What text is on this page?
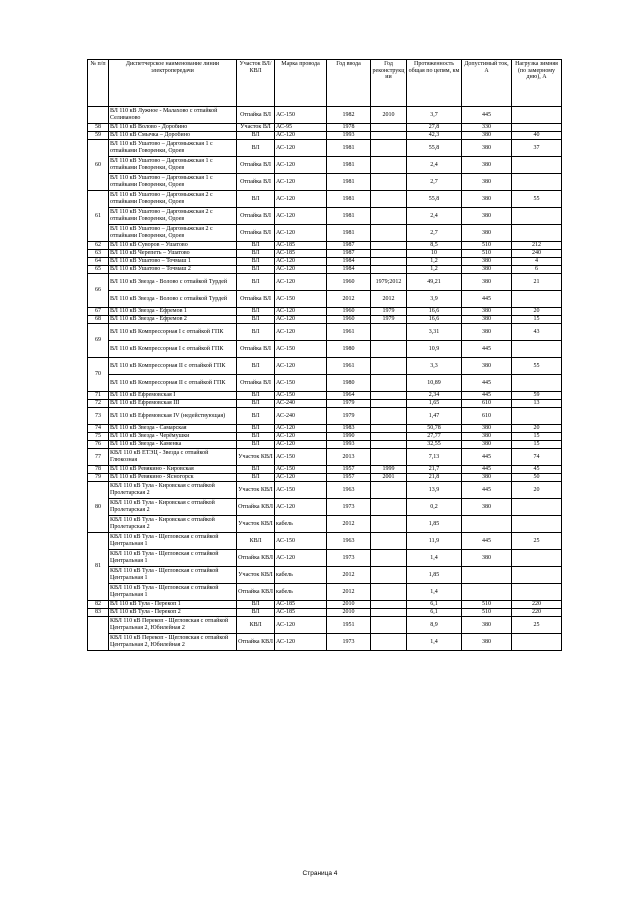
№ п/п	Диспетчерское наименование линии электропередачи	Участок ВЛ/КВЛ	Марка провода	Год ввода	Год реконструкции	Протяженность общая по цепям, км	Допустимый ток, А	Нагрузка зимняя (по замерному дню), А
	ВЛ 110 кВ Лужное - Малахово с отпайкой Селиваново	Отпайка ВЛ	АС-150	1982	2010	3,7	445	
58	ВЛ 110 кВ Волово - Доробино	Участок ВЛ	АС-95	1978		27,8	330	
59	ВЛ 110 кВ Смычка – Доробино	ВЛ	АС-120	1993		42,3	380	40
60	ВЛ 110 кВ Ушатово – Даргомыжская 1 с отпайками Говоренки, Одоев	ВЛ	АС-120	1981		55,8	380	37
	ВЛ 110 кВ Ушатово – Даргомыжская 1 с отпайками Говоренки, Одоев	Отпайка ВЛ	АС-120	1981		2,4	380	
	ВЛ 110 кВ Ушатово – Даргомыжская 1 с отпайками Говоренки, Одоев	Отпайка ВЛ	АС-120	1981		2,7	380	
61	ВЛ 110 кВ Ушатово – Даргомыжская 2 с отпайками Говоренки, Одоев	ВЛ	АС-120	1981		55,8	380	55
	ВЛ 110 кВ Ушатово – Даргомыжская 2 с отпайками Говоренки, Одоев	Отпайка ВЛ	АС-120	1981		2,4	380	
	ВЛ 110 кВ Ушатово – Даргомыжская 2 с отпайками Говоренки, Одоев	Отпайка ВЛ	АС-120	1981		2,7	380	
62	ВЛ 110 кВ Суворов – Ушатово	ВЛ	АС-185	1987		8,5	510	212
63	ВЛ 110 кВ Черепеть – Ушатово	ВЛ	АС-185	1987		10	510	240
64	ВЛ 110 кВ Ушатово – Точмаш 1	ВЛ	АС-120	1984		1,2	380	4
65	ВЛ 110 кВ Ушатово – Точмаш 2	ВЛ	АС-120	1984		1,2	380	6
66	ВЛ 110 кВ Звезда - Волово с отпайкой Турдей	ВЛ	АС-120	1960	1979;2012	49,21	380	21
	ВЛ 110 кВ Звезда - Волово с отпайкой Турдей	Отпайка ВЛ	АС-150	2012	2012	3,9	445	
67	ВЛ 110 кВ Звезда - Ефремов 1	ВЛ	АС-120	1960	1979	16,6	380	20
68	ВЛ 110 кВ Звезда - Ефремов 2	ВЛ	АС-120	1960	1979	16,6	380	15
69	ВЛ 110 кВ Компрессорная I с отпайкой ГПК	ВЛ	АС-120	1961		3,31	380	43
	ВЛ 110 кВ Компрессорная I с отпайкой ГПК	Отпайка ВЛ	АС-150	1980		10,9	445	
70	ВЛ 110 кВ Компрессорная II с отпайкой ГПК	ВЛ	АС-120	1961		3,3	380	55
	ВЛ 110 кВ Компрессорная II с отпайкой ГПК	Отпайка ВЛ	АС-150	1980		10,89	445	
71	ВЛ 110 кВ Ефремовская I	ВЛ	АС-150	1964		2,34	445	59
72	ВЛ 110 кВ Ефремовская III	ВЛ	АС-240	1979		1,65	610	13
73	ВЛ 110 кВ Ефремовская IV (недействующая)	ВЛ	АС-240	1979		1,47	610	
74	ВЛ 110 кВ Звезда - Самарская	ВЛ	АС-120	1983		50,78	380	20
75	ВЛ 110 кВ Звезда - Черёмушки	ВЛ	АС-120	1990		27,77	380	15
76	ВЛ 110 кВ Звезда - Каменка	ВЛ	АС-120	1993		32,55	380	15
77	КВЛ 110 кВ ЕТЭЦ - Звезда с отпайкой Глюкозная	Участок КВЛ	АС-150	2013		7,13	445	74
78	ВЛ 110 кВ Ревякино - Кировская	ВЛ	АС-150	1957	1999	21,7	445	45
79	ВЛ 110 кВ Ревякино - Ясногорск	ВЛ	АС-120	1957	2001	21,8	380	50
80	КВЛ 110 кВ Тула - Кировская с отпайкой Пролетарская 2	Участок КВЛ	АС-150	1963		13,9	445	20
	КВЛ 110 кВ Тула - Кировская с отпайкой Пролетарская 2	Отпайка КВЛ	АС-120	1973		0,2	380	
	КВЛ 110 кВ Тула - Кировская с отпайкой Пролетарская 2	Участок КВЛ	кабель	2012		1,85		
81	КВЛ 110 кВ Тула - Щегловская с отпайкой Центральная 1	КВЛ	АС-150	1963		11,9	445	25
	КВЛ 110 кВ Тула - Щегловская с отпайкой Центральная 1	Отпайка КВЛ	АС-120	1973		1,4	380	
	КВЛ 110 кВ Тула - Щегловская с отпайкой Центральная 1	Участок КВЛ	кабель	2012		1,85		
	КВЛ 110 кВ Тула - Щегловская с отпайкой Центральная 1	Отпайка КВЛ	кабель	2012		1,4		
82	ВЛ 110 кВ Тула - Перекоп 1	ВЛ	АС-185	2010		6,1	510	220
83	ВЛ 110 кВ Тула - Перекоп 2	ВЛ	АС-185	2010		6,1	510	220
	КВЛ 110 кВ Перекоп - Щегловская с отпайкой Центральная 2, Юбилейная 2	КВЛ	АС-120	1951		8,9	380	25
	КВЛ 110 кВ Перекоп - Щегловская с отпайкой Центральная 2, Юбилейная 2	Отпайка КВЛ	АС-120	1973		1,4	380	
Страница 4
